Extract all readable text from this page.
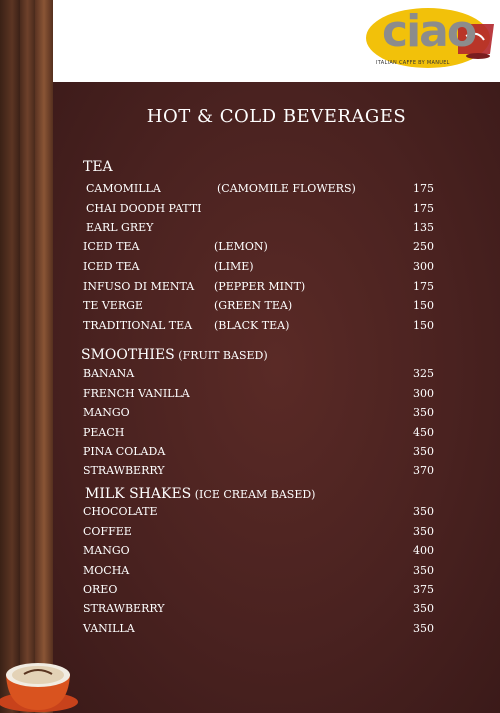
ciao
ITALIAN CAFFE BY MANUEL
HOT & COLD BEVERAGES
TEA
CAMOMILLA	(CAMOMILE FLOWERS)	175
CHAI DOODH PATTI	175
EARL GREY	135
ICED TEA	(LEMON)	250
ICED TEA	(LIME)	300
INFUSO DI MENTA (PEPPER MINT)	175
TE VERGE	(GREEN TEA)	150
TRADITIONAL TEA (BLACK TEA)	150
SMOOTHIES (FRUIT BASED)
BANANA	325
FRENCH VANILLA	300
MANGO	350
PEACH	450
PINA COLADA	350
STRAWBERRY	370
MILK SHAKES (ICE CREAM BASED)
CHOCOLATE	350
COFFEE	350
MANGO	400
MOCHA	350
OREO	375
STRAWBERRY	350
VANILLA	350
